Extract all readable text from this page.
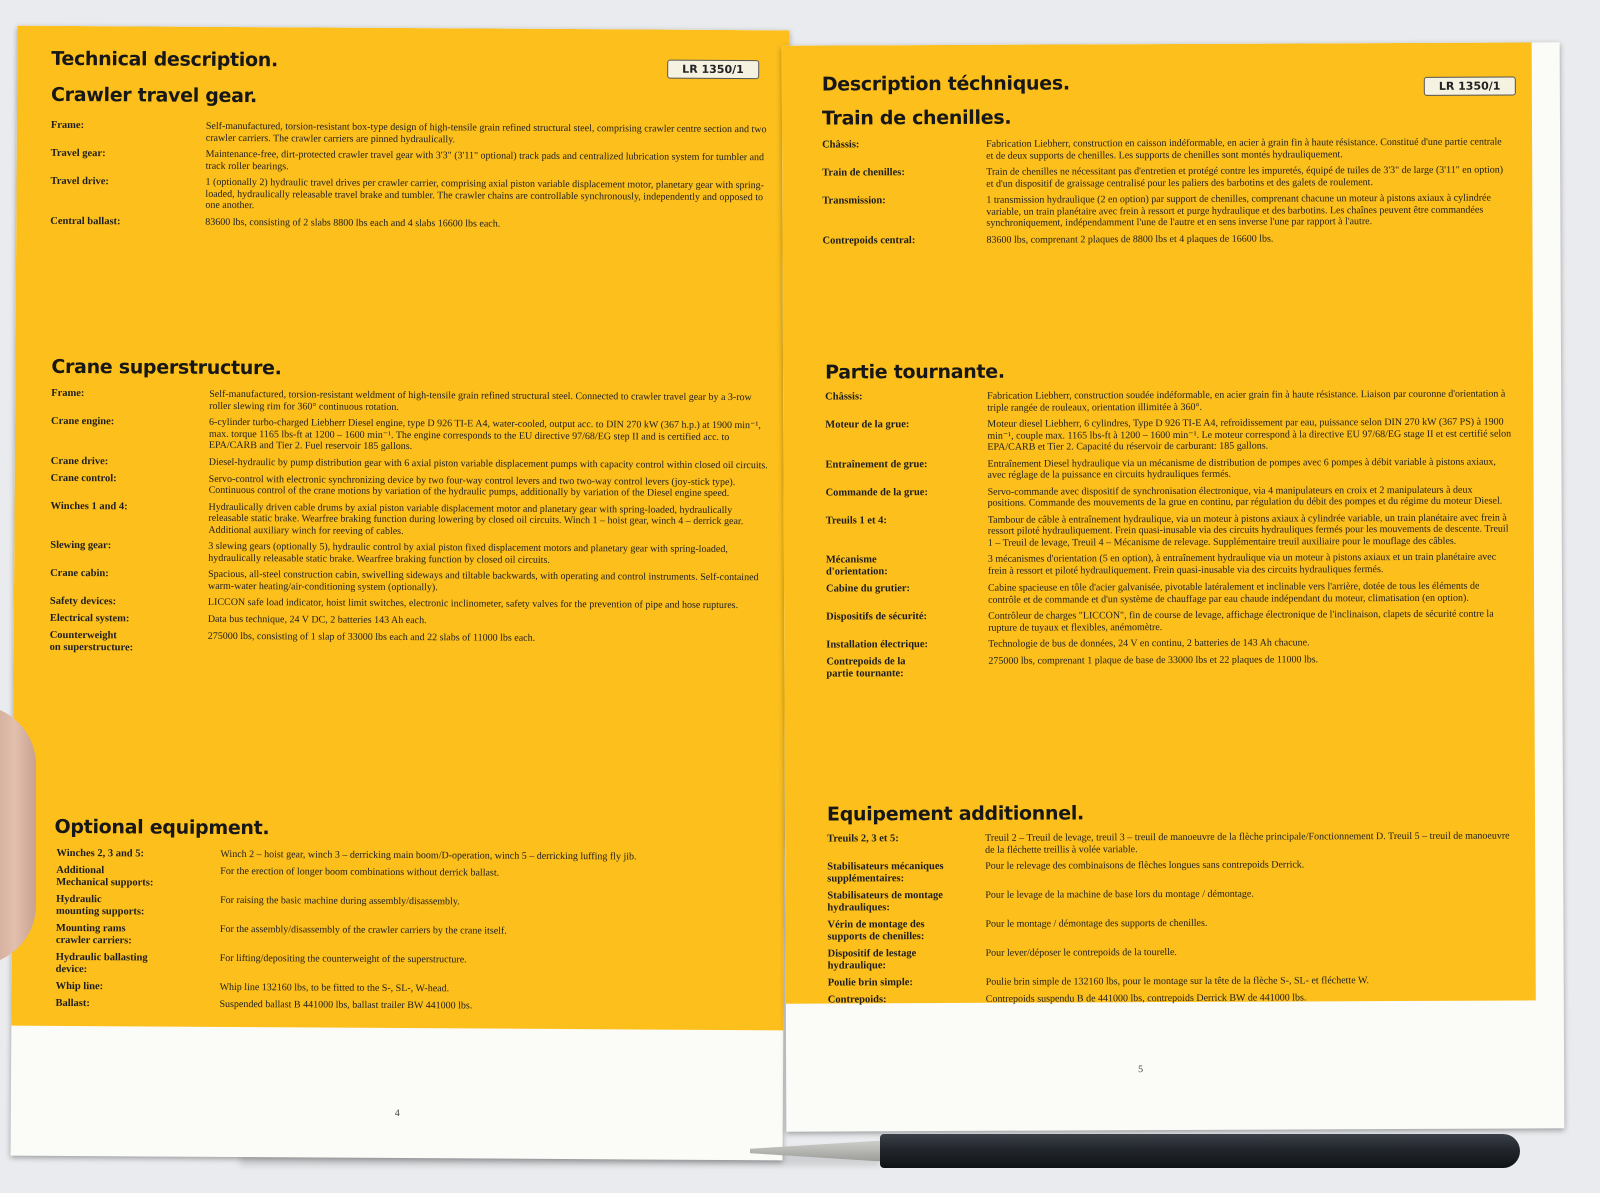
LR 1350/1
Technical description.
Crawler travel gear.
Frame:	Self-manufactured, torsion-resistant box-type design of high-tensile grain refined structural steel, comprising crawler centre section and two crawler carriers. The crawler carriers are pinned hydraulically.
Travel gear:	Maintenance-free, dirt-protected crawler travel gear with 3'3" (3'11" optional) track pads and centralized lubrication system for tumbler and track roller bearings.
Travel drive:	1 (optionally 2) hydraulic travel drives per crawler carrier, comprising axial piston variable displacement motor, planetary gear with spring-loaded, hydraulically releasable travel brake and tumbler. The crawler chains are controllable synchronously, independently and opposed to one another.
Central ballast:	83600 lbs, consisting of 2 slabs 8800 lbs each and 4 slabs 16600 lbs each.
Crane superstructure.
Frame:	Self-manufactured, torsion-resistant weldment of high-tensile grain refined structural steel. Connected to crawler travel gear by a 3-row roller slewing rim for 360° continuous rotation.
Crane engine:	6-cylinder turbo-charged Liebherr Diesel engine, type D 926 TI-E A4, water-cooled, output acc. to DIN 270 kW (367 h.p.) at 1900 min⁻¹, max. torque 1165 lbs-ft at 1200 – 1600 min⁻¹. The engine corresponds to the EU directive 97/68/EG step II and is certified acc. to EPA/CARB and Tier 2. Fuel reservoir 185 gallons.
Crane drive:	Diesel-hydraulic by pump distribution gear with 6 axial piston variable displacement pumps with capacity control within closed oil circuits.
Crane control:	Servo-control with electronic synchronizing device by two four-way control levers and two two-way control levers (joy-stick type). Continuous control of the crane motions by variation of the hydraulic pumps, additionally by variation of the Diesel engine speed.
Winches 1 and 4:	Hydraulically driven cable drums by axial piston variable displacement motor and planetary gear with spring-loaded, hydraulically releasable static brake. Wearfree braking function during lowering by closed oil circuits. Winch 1 – hoist gear, winch 4 – derrick gear. Additional auxiliary winch for reeving of cables.
Slewing gear:	3 slewing gears (optionally 5), hydraulic control by axial piston fixed displacement motors and planetary gear with spring-loaded, hydraulically releasable static brake. Wearfree braking function by closed oil circuits.
Crane cabin:	Spacious, all-steel construction cabin, swivelling sideways and tiltable backwards, with operating and control instruments. Self-contained warm-water heating/air-conditioning system (optionally).
Safety devices:	LICCON safe load indicator, hoist limit switches, electronic inclinometer, safety valves for the prevention of pipe and hose ruptures.
Electrical system:	Data bus technique, 24 V DC, 2 batteries 143 Ah each.
Counterweight
on superstructure:
275000 lbs, consisting of 1 slap of 33000 lbs each and 22 slabs of 11000 lbs each.
Optional equipment.
Winches 2, 3 and 5:	Winch 2 – hoist gear, winch 3 – derricking main boom/D-operation, winch 5 – derricking luffing fly jib.
Additional
Mechanical supports:
For the erection of longer boom combinations without derrick ballast.
Hydraulic
mounting supports:
For raising the basic machine during assembly/disassembly.
Mounting rams
crawler carriers:
For the assembly/disassembly of the crawler carriers by the crane itself.
Hydraulic ballasting
device:
For lifting/depositing the counterweight of the superstructure.
Whip line:	Whip line 132160 lbs, to be fitted to the S-, SL-, W-head.
Ballast:	Suspended ballast B 441000 lbs, ballast trailer BW 441000 lbs.
4
LR 1350/1
Description téchniques.
Train de chenilles.
Châssis:	Fabrication Liebherr, construction en caisson indéformable, en acier à grain fin à haute résistance. Constitué d'une partie centrale et de deux supports de chenilles. Les supports de chenilles sont montés hydrauliquement.
Train de chenilles:	Train de chenilles ne nécessitant pas d'entretien et protégé contre les impuretés, équipé de tuiles de 3'3" de large (3'11" en option) et d'un dispositif de graissage centralisé pour les paliers des barbotins et des galets de roulement.
Transmission:	1 transmission hydraulique (2 en option) par support de chenilles, comprenant chacune un moteur à pistons axiaux à cylindrée variable, un train planétaire avec frein à ressort et purge hydraulique et des barbotins. Les chaînes peuvent être commandées synchroniquement, indépendamment l'une de l'autre et en sens inverse l'une par rapport à l'autre.
Contrepoids central:	83600 lbs, comprenant 2 plaques de 8800 lbs et 4 plaques de 16600 lbs.
Partie tournante.
Châssis:	Fabrication Liebherr, construction soudée indéformable, en acier grain fin à haute résistance. Liaison par couronne d'orientation à triple rangée de rouleaux, orientation illimitée à 360°.
Moteur de la grue:	Moteur diesel Liebherr, 6 cylindres, Type D 926 TI-E A4, refroidissement par eau, puissance selon DIN 270 kW (367 PS) à 1900 min⁻¹, couple max. 1165 lbs-ft à 1200 – 1600 min⁻¹. Le moteur correspond à la directive EU 97/68/EG stage II et est certifié selon EPA/CARB et Tier 2. Capacité du réservoir de carburant: 185 gallons.
Entraînement de grue:	Entraînement Diesel hydraulique via un mécanisme de distribution de pompes avec 6 pompes à débit variable à pistons axiaux, avec réglage de la puissance en circuits hydrauliques fermés.
Commande de la grue:	Servo-commande avec dispositif de synchronisation électronique, via 4 manipulateurs en croix et 2 manipulateurs à deux positions. Commande des mouvements de la grue en continu, par régulation du débit des pompes et du régime du moteur Diesel.
Treuils 1 et 4:	Tambour de câble à entraînement hydraulique, via un moteur à pistons axiaux à cylindrée variable, un train planétaire avec frein à ressort piloté hydrauliquement. Frein quasi-inusable via des circuits hydrauliques fermés pour les mouvements de descente. Treuil 1 – Treuil de levage, Treuil 4 – Mécanisme de relevage. Supplémentaire treuil auxiliaire pour le mouflage des câbles.
Mécanisme
d'orientation:
3 mécanismes d'orientation (5 en option), à entraînement hydraulique via un moteur à pistons axiaux et un train planétaire avec frein à ressort et piloté hydrauliquement. Frein quasi-inusable via des circuits hydrauliques fermés.
Cabine du grutier:	Cabine spacieuse en tôle d'acier galvanisée, pivotable latéralement et inclinable vers l'arrière, dotée de tous les éléments de contrôle et de commande et d'un système de chauffage par eau chaude indépendant du moteur, climatisation (en option).
Dispositifs de sécurité:	Contrôleur de charges "LICCON", fin de course de levage, affichage électronique de l'inclinaison, clapets de sécurité contre la rupture de tuyaux et flexibles, anémomètre.
Installation électrique:	Technologie de bus de données, 24 V en continu, 2 batteries de 143 Ah chacune.
Contrepoids de la
partie tournante:
275000 lbs, comprenant 1 plaque de base de 33000 lbs et 22 plaques de 11000 lbs.
Equipement additionnel.
Treuils 2, 3 et 5:	Treuil 2 – Treuil de levage, treuil 3 – treuil de manoeuvre de la flèche principale/Fonctionnement D. Treuil 5 – treuil de manoeuvre de la fléchette treillis à volée variable.
Stabilisateurs mécaniques
supplémentaires:
Pour le relevage des combinaisons de flèches longues sans contrepoids Derrick.
Stabilisateurs de montage
hydrauliques:
Pour le levage de la machine de base lors du montage / démontage.
Vérin de montage des
supports de chenilles:
Pour le montage / démontage des supports de chenilles.
Dispositif de lestage
hydraulique:
Pour lever/déposer le contrepoids de la tourelle.
Poulie brin simple:	Poulie brin simple de 132160 lbs, pour le montage sur la tête de la flèche S-, SL- et fléchette W.
Contrepoids:	Contrepoids suspendu B de 441000 lbs, contrepoids Derrick BW de 441000 lbs.
5
